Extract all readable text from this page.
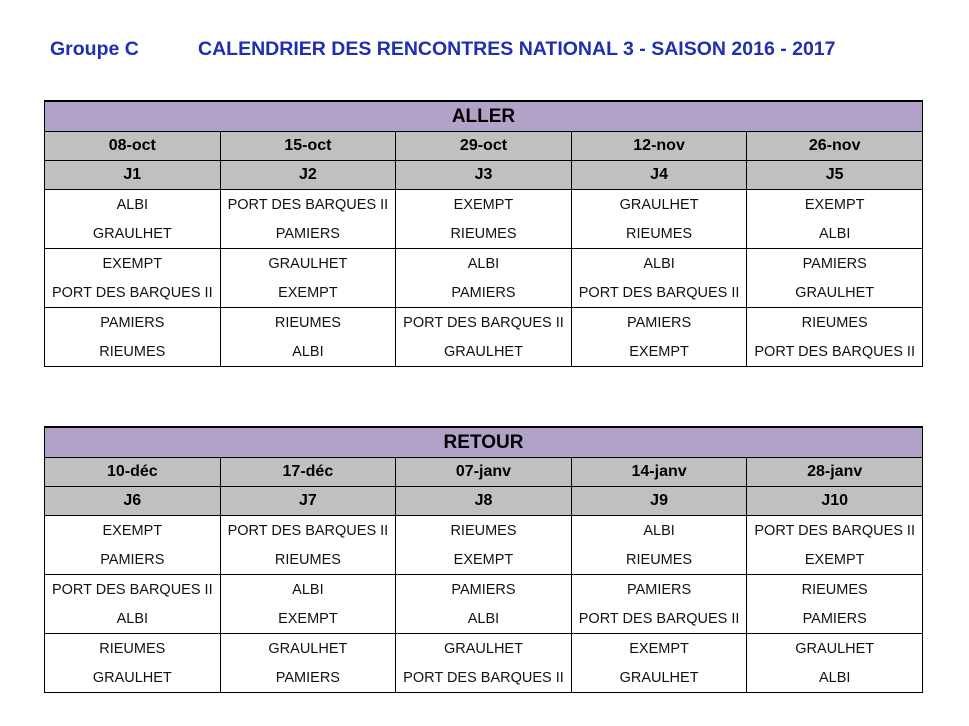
Groupe C	CALENDRIER DES RENCONTRES NATIONAL 3 - SAISON 2016 - 2017
ALLER				
08-oct	15-oct	29-oct	12-nov	26-nov
J1	J2	J3	J4	J5
ALBI	PORT DES BARQUES II	EXEMPT	GRAULHET	EXEMPT
GRAULHET	PAMIERS	RIEUMES	RIEUMES	ALBI
EXEMPT	GRAULHET	ALBI	ALBI	PAMIERS
PORT DES BARQUES II	EXEMPT	PAMIERS	PORT DES BARQUES II	GRAULHET
PAMIERS	RIEUMES	PORT DES BARQUES II	PAMIERS	RIEUMES
RIEUMES	ALBI	GRAULHET	EXEMPT	PORT DES BARQUES II
RETOUR				
10-déc	17-déc	07-janv	14-janv	28-janv
J6	J7	J8	J9	J10
EXEMPT	PORT DES BARQUES II	RIEUMES	ALBI	PORT DES BARQUES II
PAMIERS	RIEUMES	EXEMPT	RIEUMES	EXEMPT
PORT DES BARQUES II	ALBI	PAMIERS	PAMIERS	RIEUMES
ALBI	EXEMPT	ALBI	PORT DES BARQUES II	PAMIERS
RIEUMES	GRAULHET	GRAULHET	EXEMPT	GRAULHET
GRAULHET	PAMIERS	PORT DES BARQUES II	GRAULHET	ALBI
